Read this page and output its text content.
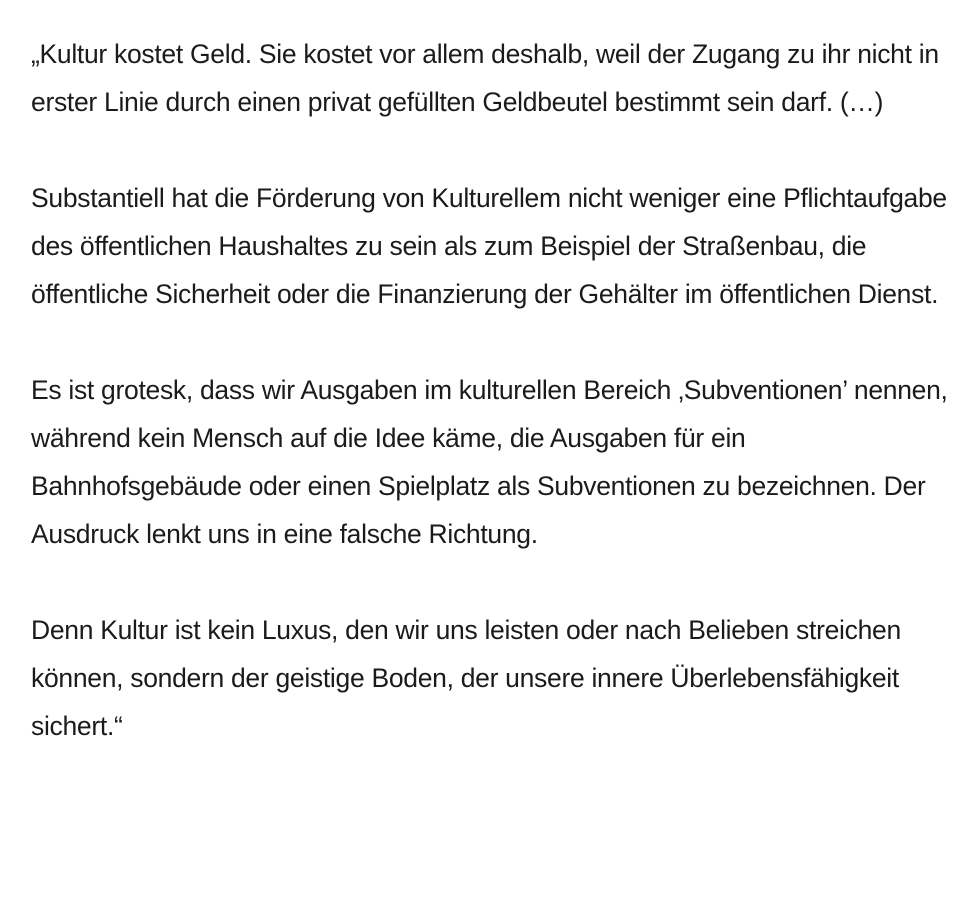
„Kultur kostet Geld. Sie kostet vor allem deshalb, weil der Zugang zu ihr nicht in erster Linie durch einen privat gefüllten Geldbeutel bestimmt sein darf. (…)

Substantiell hat die Förderung von Kulturellem nicht weniger eine Pflichtaufgabe des öffentlichen Haushaltes zu sein als zum Beispiel der Straßenbau, die öffentliche Sicherheit oder die Finanzierung der Gehälter im öffentlichen Dienst.

Es ist grotesk, dass wir Ausgaben im kulturellen Bereich ‚Subventionen’ nennen, während kein Mensch auf die Idee käme, die Ausgaben für ein Bahnhofsgebäude oder einen Spielplatz als Subventionen zu bezeichnen. Der Ausdruck lenkt uns in eine falsche Richtung.

Denn Kultur ist kein Luxus, den wir uns leisten oder nach Belieben streichen können, sondern der geistige Boden, der unsere innere Überlebensfähigkeit sichert.“
